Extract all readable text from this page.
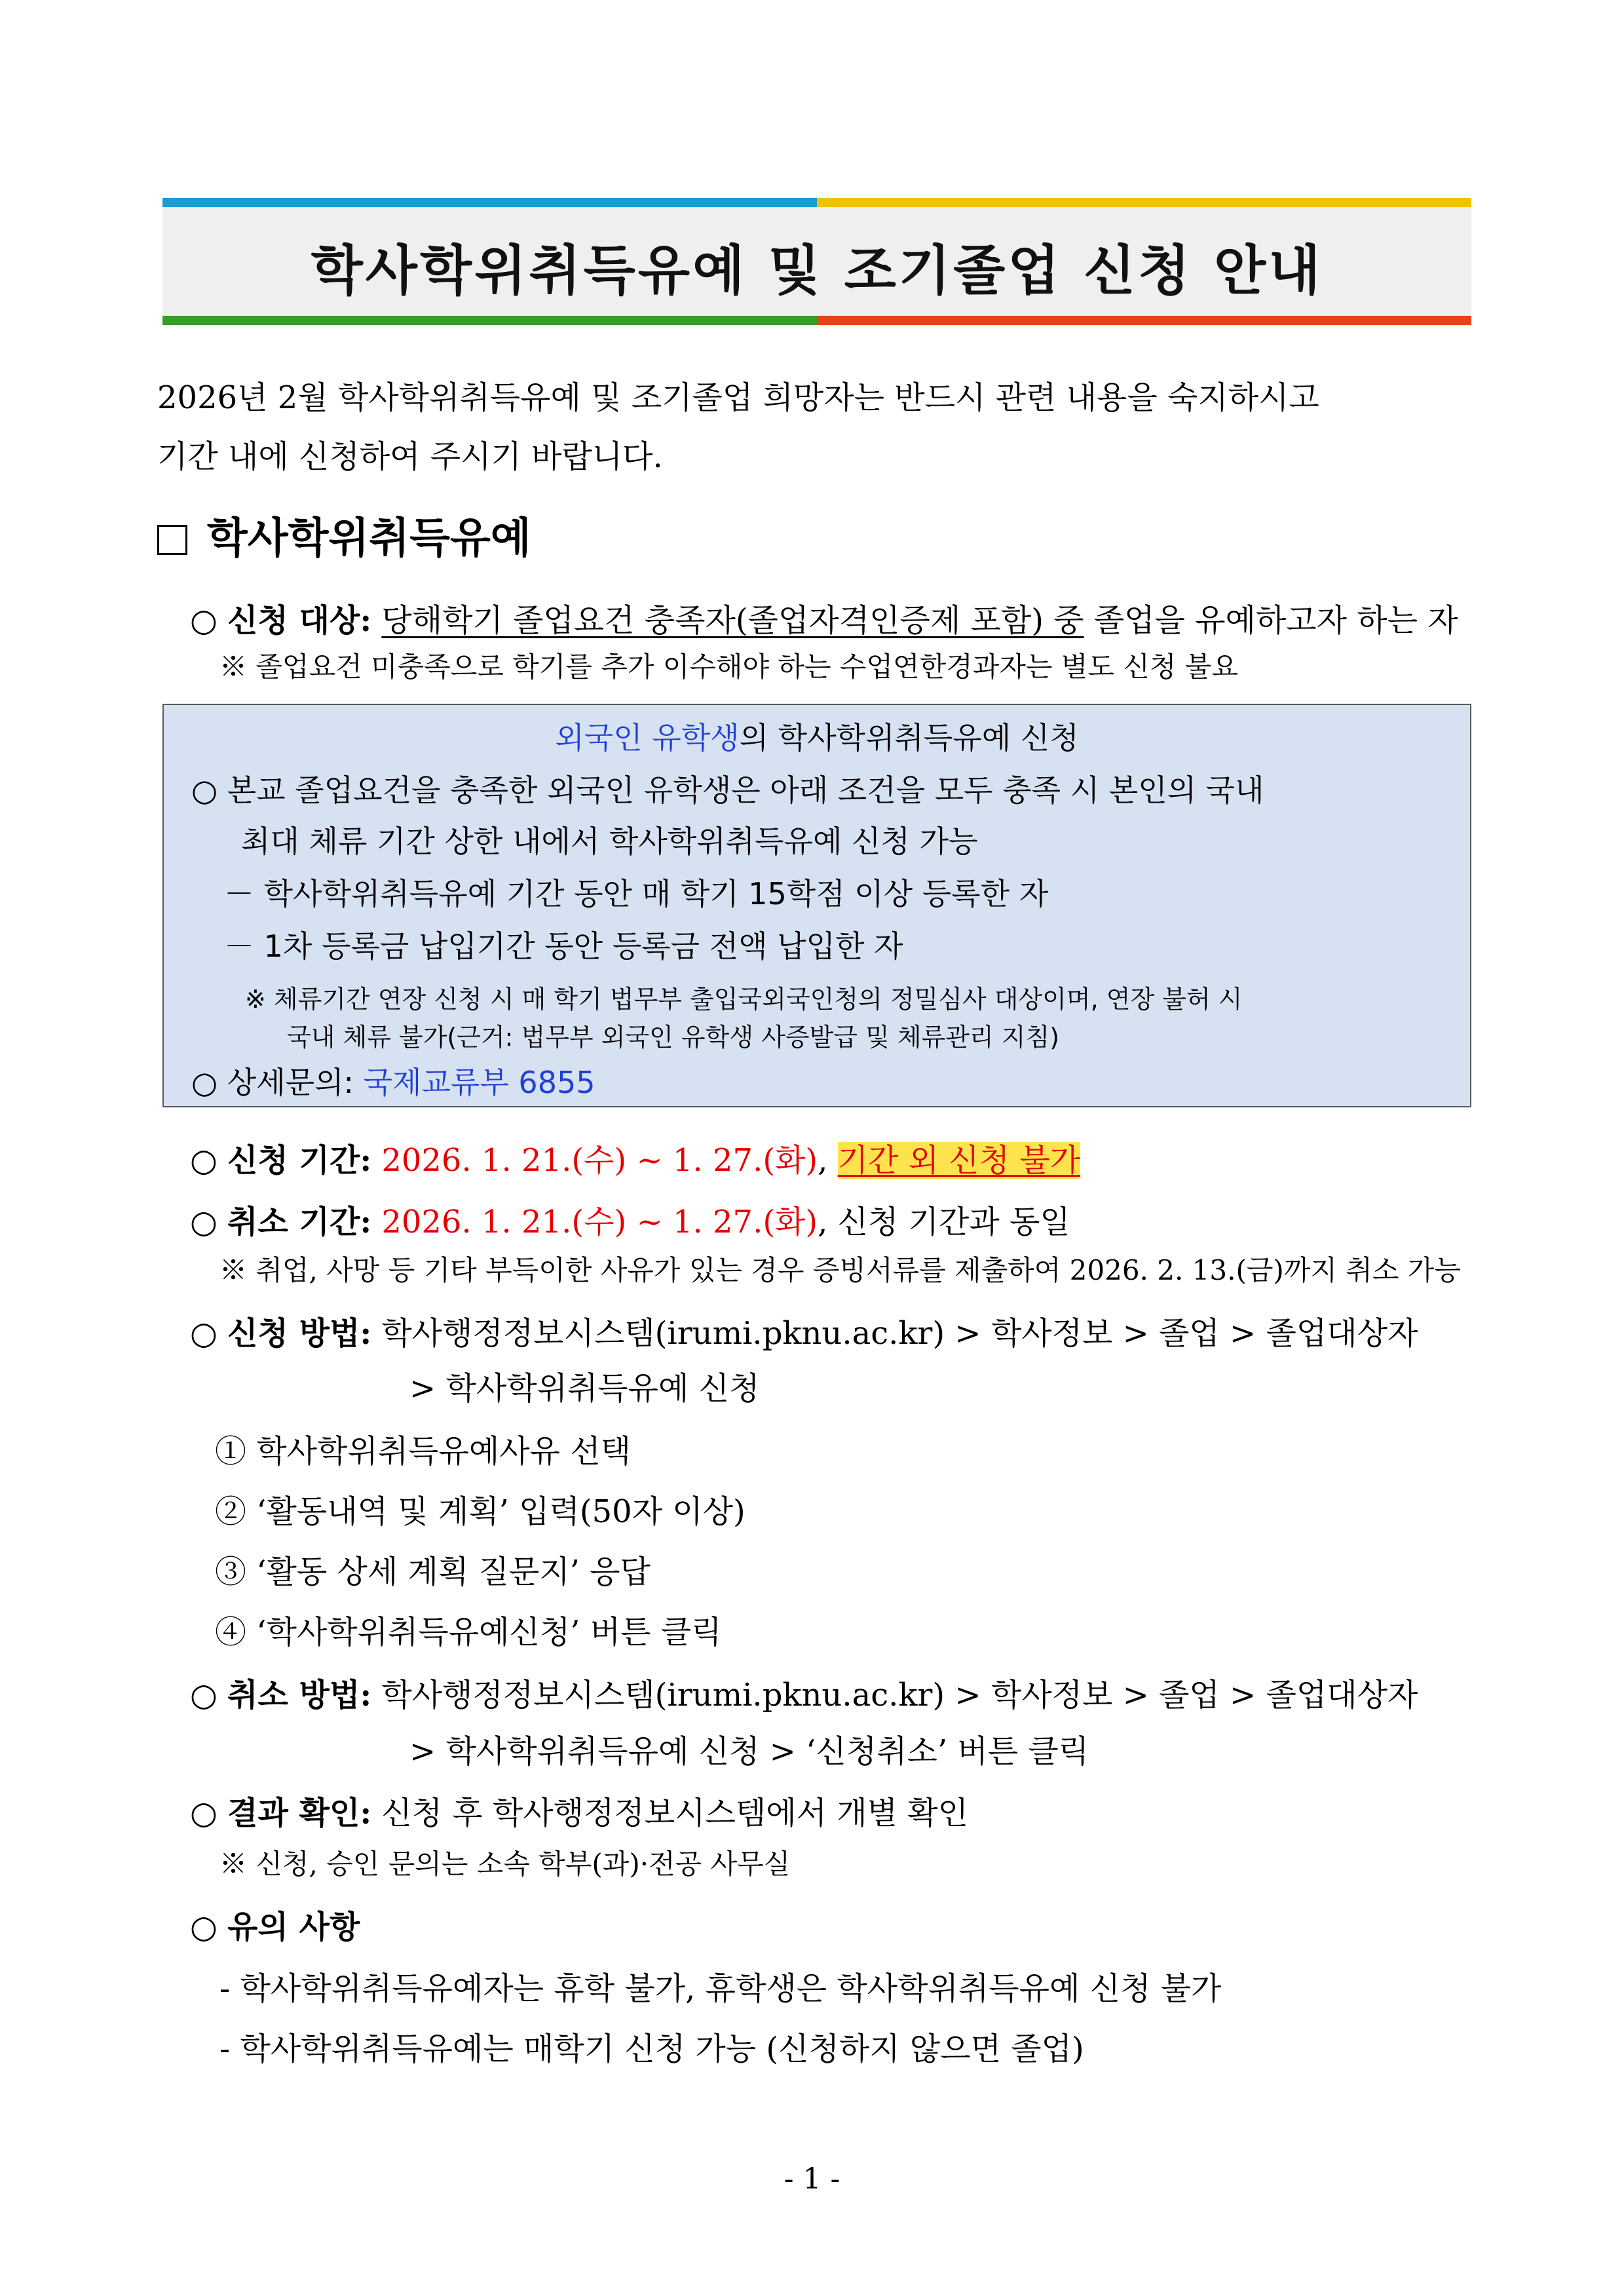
학사학위취득유예 및 조기졸업 신청 안내
2026년 2월 학사학위취득유예 및 조기졸업 희망자는 반드시 관련 내용을 숙지하시고
기간 내에 신청하여 주시기 바랍니다.
학사학위취득유예
○ 신청 대상: 당해학기 졸업요건 충족자(졸업자격인증제 포함) 중 졸업을 유예하고자 하는 자
※ 졸업요건 미충족으로 학기를 추가 이수해야 하는 수업연한경과자는 별도 신청 불요
외국인 유학생의 학사학위취득유예 신청
○ 본교 졸업요건을 충족한 외국인 유학생은 아래 조건을 모두 충족 시 본인의 국내
최대 체류 기간 상한 내에서 학사학위취득유예 신청 가능
－ 학사학위취득유예 기간 동안 매 학기 15학점 이상 등록한 자
－ 1차 등록금 납입기간 동안 등록금 전액 납입한 자
※ 체류기간 연장 신청 시 매 학기 법무부 출입국외국인청의 정밀심사 대상이며, 연장 불허 시
국내 체류 불가(근거: 법무부 외국인 유학생 사증발급 및 체류관리 지침)
○ 상세문의: 국제교류부 6855
○ 신청 기간: 2026. 1. 21.(수) ~ 1. 27.(화), 기간 외 신청 불가
○ 취소 기간: 2026. 1. 21.(수) ~ 1. 27.(화), 신청 기간과 동일
※ 취업, 사망 등 기타 부득이한 사유가 있는 경우 증빙서류를 제출하여 2026. 2. 13.(금)까지 취소 가능
○ 신청 방법: 학사행정정보시스템(irumi.pknu.ac.kr) > 학사정보 > 졸업 > 졸업대상자
> 학사학위취득유예 신청
① 학사학위취득유예사유 선택
② ‘활동내역 및 계획’ 입력(50자 이상)
③ ‘활동 상세 계획 질문지’ 응답
④ ‘학사학위취득유예신청’ 버튼 클릭
○ 취소 방법: 학사행정정보시스템(irumi.pknu.ac.kr) > 학사정보 > 졸업 > 졸업대상자
> 학사학위취득유예 신청 > ‘신청취소’ 버튼 클릭
○ 결과 확인: 신청 후 학사행정정보시스템에서 개별 확인
※ 신청, 승인 문의는 소속 학부(과)·전공 사무실
○ 유의 사항
- 학사학위취득유예자는 휴학 불가, 휴학생은 학사학위취득유예 신청 불가
- 학사학위취득유예는 매학기 신청 가능 (신청하지 않으면 졸업)
- 1 -
